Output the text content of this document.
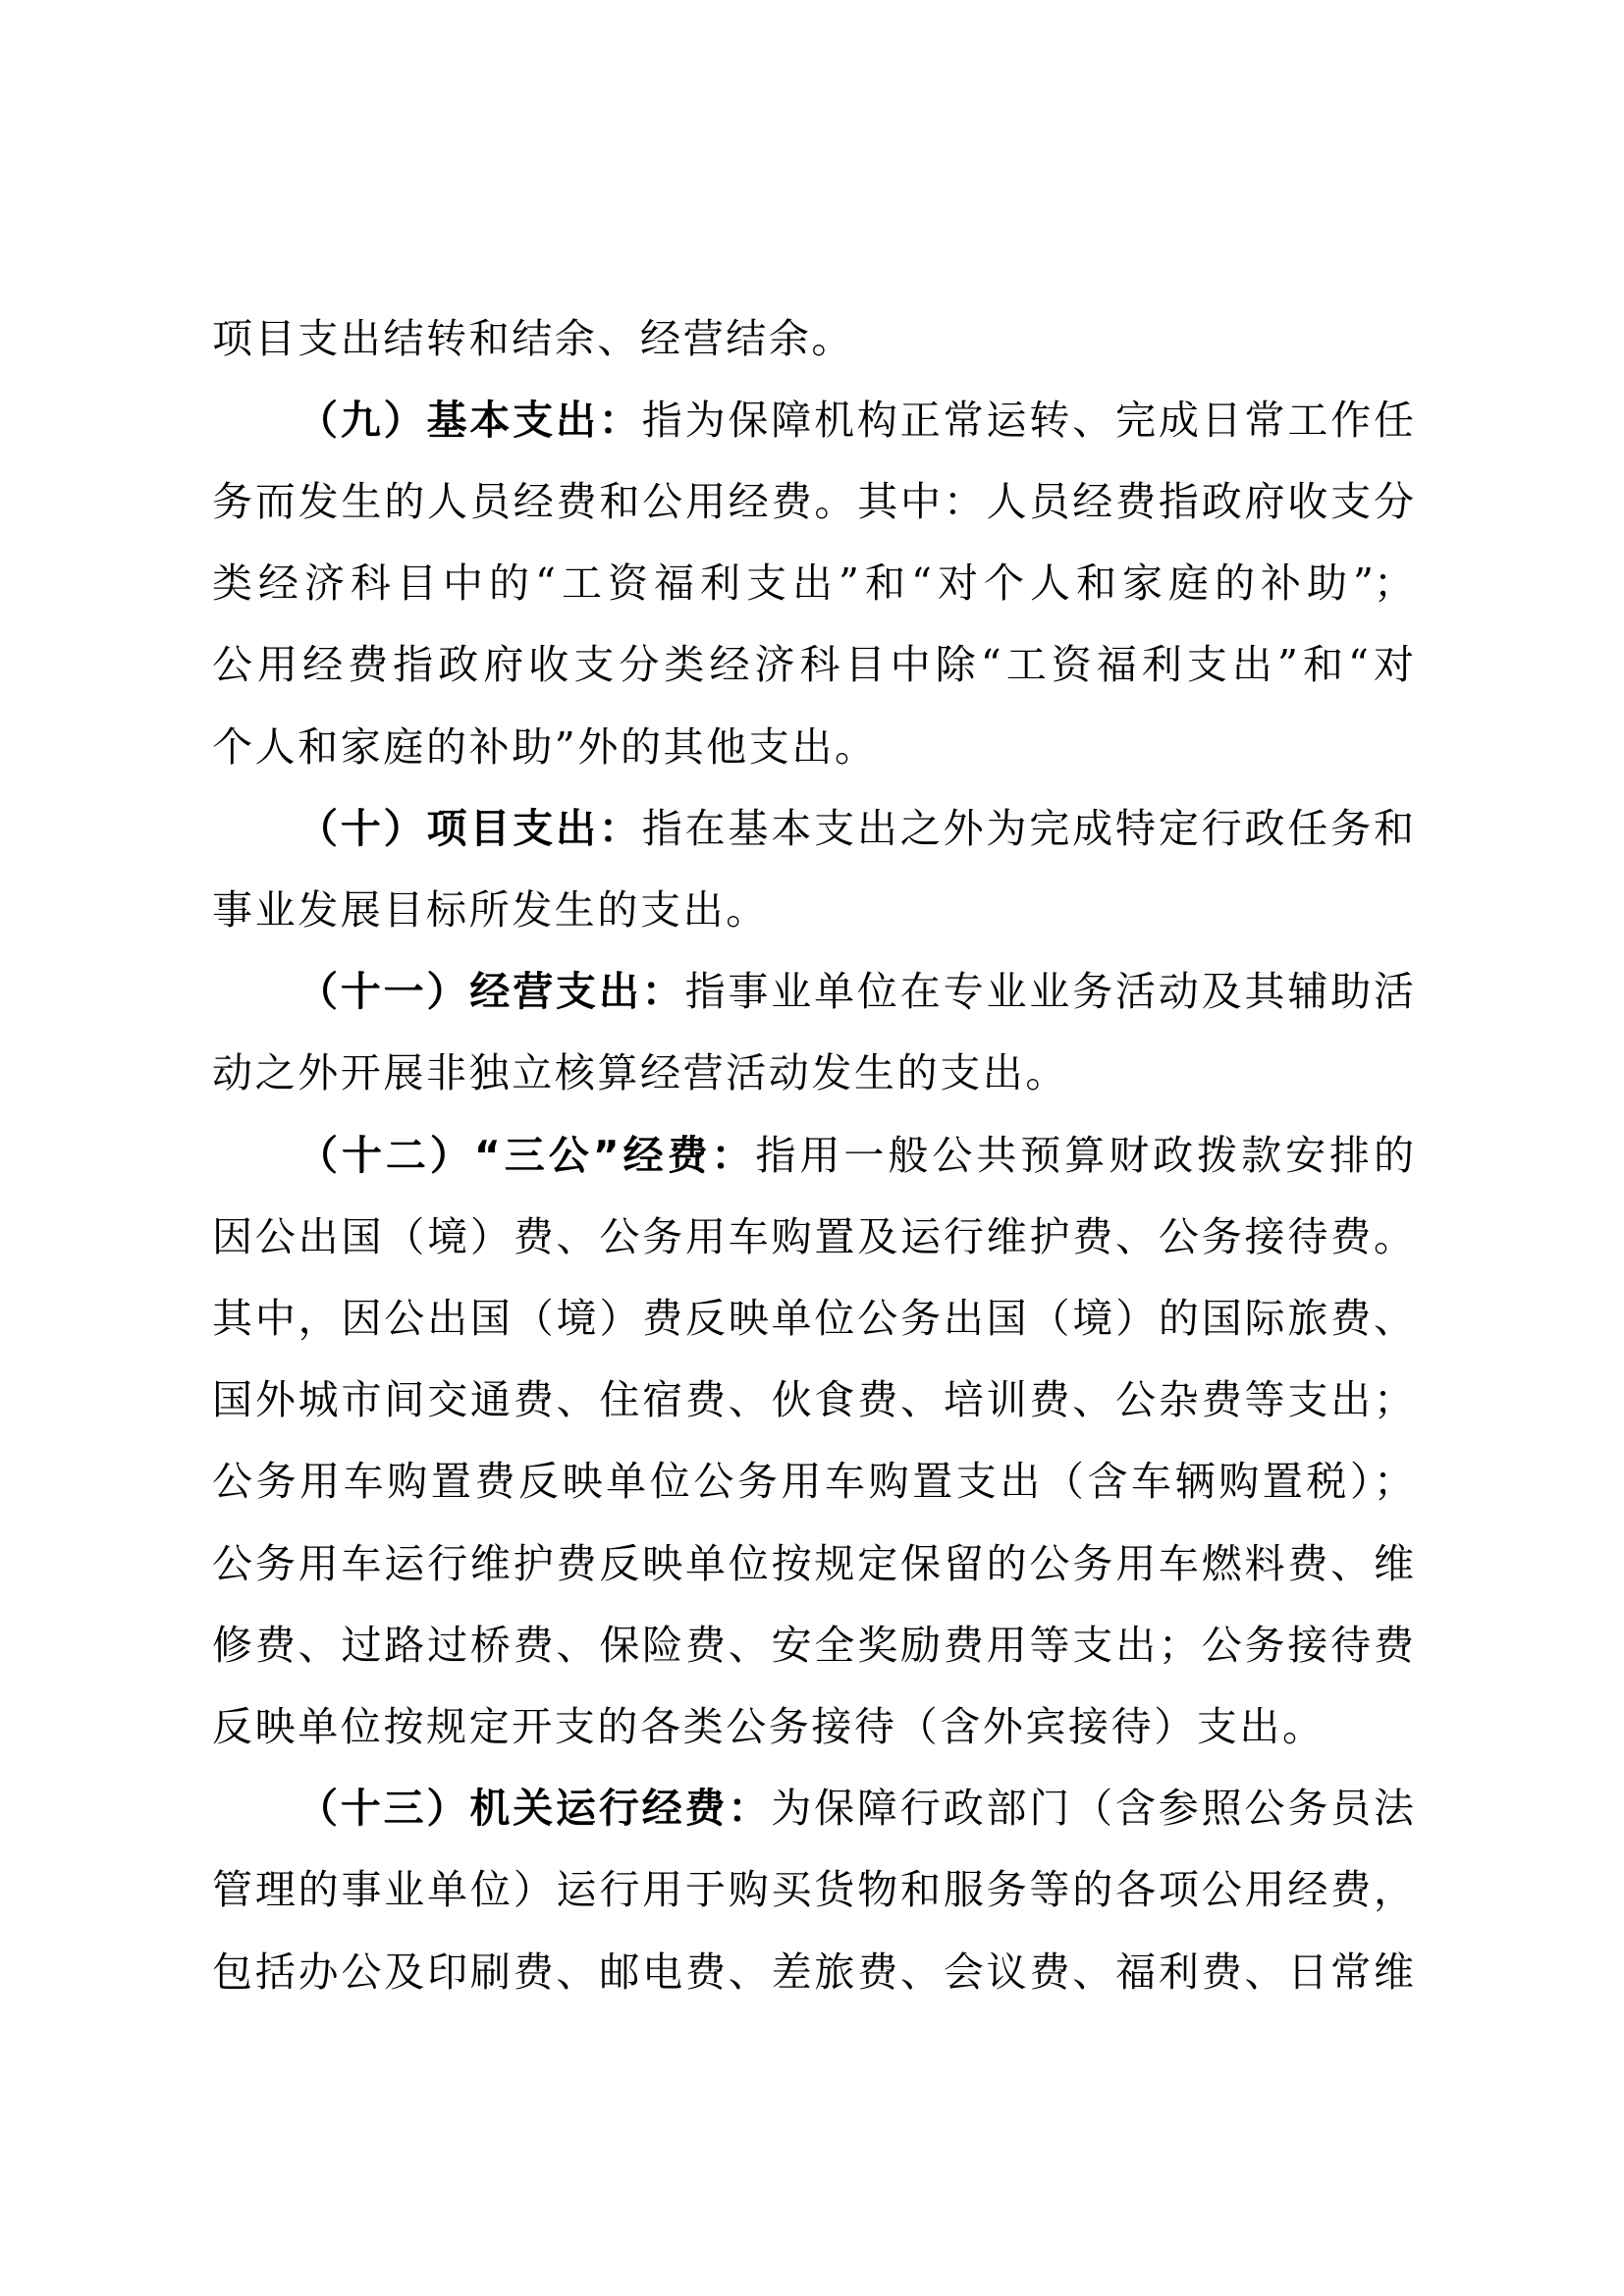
项目支出结转和结余、经营结余。
（九）基本支出：指为保障机构正常运转、完成日常工作任
务而发生的人员经费和公用经费。其中：人员经费指政府收支分
类经济科目中的“工资福利支出”和“对个人和家庭的补助”；
公用经费指政府收支分类经济科目中除“工资福利支出”和“对
个人和家庭的补助”外的其他支出。
（十）项目支出：指在基本支出之外为完成特定行政任务和
事业发展目标所发生的支出。
（十一）经营支出：指事业单位在专业业务活动及其辅助活
动之外开展非独立核算经营活动发生的支出。
（十二）“三公”经费：指用一般公共预算财政拨款安排的
因公出国（境）费、公务用车购置及运行维护费、公务接待费。
其中，因公出国（境）费反映单位公务出国（境）的国际旅费、
国外城市间交通费、住宿费、伙食费、培训费、公杂费等支出；
公务用车购置费反映单位公务用车购置支出（含车辆购置税）；
公务用车运行维护费反映单位按规定保留的公务用车燃料费、维
修费、过路过桥费、保险费、安全奖励费用等支出；公务接待费
反映单位按规定开支的各类公务接待（含外宾接待）支出。
（十三）机关运行经费：为保障行政部门（含参照公务员法
管理的事业单位）运行用于购买货物和服务等的各项公用经费，
包括办公及印刷费、邮电费、差旅费、会议费、福利费、日常维
